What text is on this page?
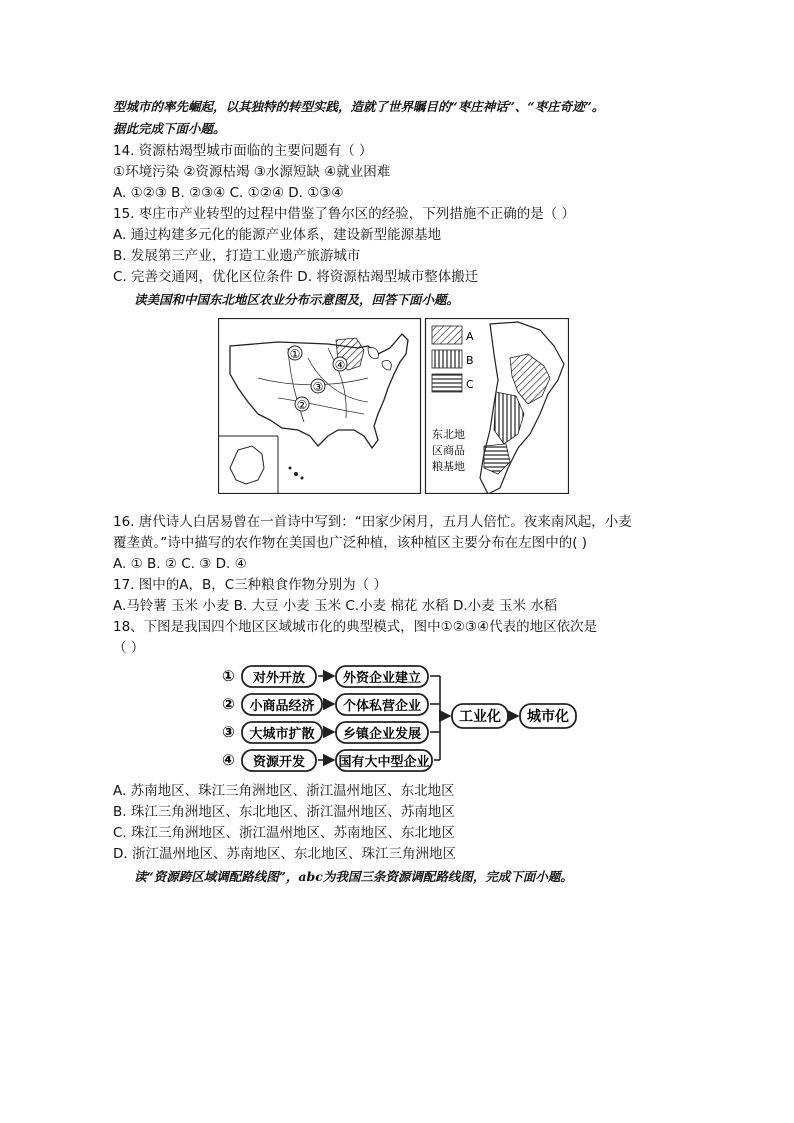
型城市的率先崛起，以其独特的转型实践，造就了世界瞩目的“枣庄神话”、“枣庄奇迹”。
据此完成下面小题。
14. 资源枯竭型城市面临的主要问题有（ ）
①环境污染 ②资源枯竭 ③水源短缺 ④就业困难
A. ①②③ B. ②③④ C. ①②④ D. ①③④
15. 枣庄市产业转型的过程中借鉴了鲁尔区的经验，下列措施不正确的是（ ）
A. 通过构建多元化的能源产业体系，建设新型能源基地
B. 发展第三产业，打造工业遗产旅游城市
C. 完善交通网，优化区位条件 D. 将资源枯竭型城市整体搬迁
读美国和中国东北地区农业分布示意图及，回答下面小题。
①
②
③
④
A
B
C
东北地
区商品
粮基地
16. 唐代诗人白居易曾在一首诗中写到：“田家少闲月，五月人倍忙。夜来南风起，小麦
覆垄黄。”诗中描写的农作物在美国也广泛种植，该种植区主要分布在左图中的( )
A. ① B. ② C. ③ D. ④
17. 图中的A，B，C三种粮食作物分别为（ ）
A.马铃薯 玉米 小麦 B. 大豆 小麦 玉米 C.小麦 棉花 水稻 D.小麦 玉米 水稻
18、下图是我国四个地区区域城市化的典型模式，图中①②③④代表的地区依次是
（ ）
① 对外开放	外资企业建立
② 小商品经济 个体私营企业
③ 大城市扩散 乡镇企业发展
④ 资源开发	国有大中型企业
工业化 城市化
A. 苏南地区、珠江三角洲地区、浙江温州地区、东北地区
B. 珠江三角洲地区、东北地区、浙江温州地区、苏南地区
C. 珠江三角洲地区、浙江温州地区、苏南地区、东北地区
D. 浙江温州地区、苏南地区、东北地区、珠江三角洲地区
读“资源跨区域调配路线图”，abc为我国三条资源调配路线图，完成下面小题。
